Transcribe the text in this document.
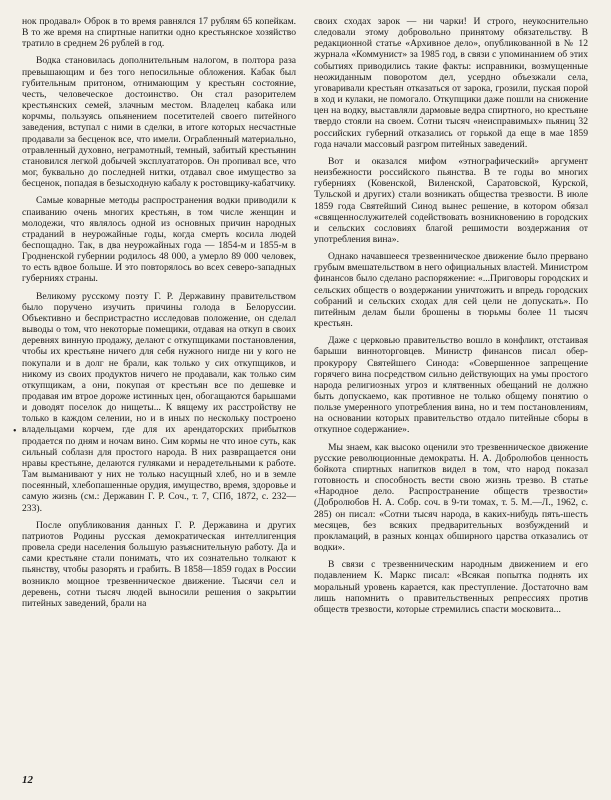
нок продавал» Оброк в то время равнялся 17 рублям 65 копейкам. В то же время на спиртные напитки одно крестьянское хозяйство тратило в среднем 26 рублей в год.

Водка становилась дополнительным налогом, в полтора раза превышающим и без того непосильные обложения. Кабак был губительным притоном, отнимающим у крестьян состояние, честь, человеческое достоинство. Он стал разорителем крестьянских семей, злачным местом. Владелец кабака или корчмы, пользуясь опьянением посетителей своего питейного заведения, вступал с ними в сделки, в итоге которых несчастные продавали за бесценок все, что имели. Ограбленный материально, отравленный духовно, неграмотный, темный, забитый крестьянин становился легкой добычей эксплуататоров. Он пропивал все, что мог, буквально до последней нитки, отдавал свое имущество за бесценок, попадая в безысходную кабалу к ростовщику-кабатчику.

Самые коварные методы распространения водки приводили к спаиванию очень многих крестьян, в том числе женщин и молодежи, что являлось одной из основных причин народных страданий в неурожайные годы, когда смерть косила людей беспощадно. Так, в два неурожайных года — 1854-м и 1855-м в Гродненской губернии родилось 48 000, а умерло 89 000 человек, то есть вдвое больше. И это повторялось во всех северо-западных губерниях страны.

Великому русскому поэту Г. Р. Державину правительством было поручено изучить причины голода в Белоруссии. Объективно и беспристрастно исследовав положение, он сделал выводы о том, что некоторые помещики, отдавая на откуп в своих деревнях винную продажу, делают с откупщиками постановления, чтобы их крестьяне ничего для себя нужного нигде ни у кого не покупали и в долг не брали, как только у сих откупщиков, и никому из своих продуктов ничего не продавали, как только сим откупщикам, а они, покупая от крестьян все по дешевке и продавая им втрое дороже истинных цен, обогащаются барышами и доводят поселок до нищеты... К вящему их расстройству не только в каждом селении, но и в иных по нескольку построено владельцами корчем, где для их арендаторских прибытков продается по дням и ночам вино. Сим кормы не что иное суть, как сильный соблазн для простого народа. В них развращается они нравы крестьяне, делаются гуляками и нерадетельными к работе. Там выманивают у них не только насущный хлеб, но и в земле посеянный, хлебопашенные орудия, имущество, время, здоровье и самую жизнь (см.: Державин Г. Р. Соч., т. 7, СПб, 1872, с. 232—233).

После опубликования данных Г. Р. Державина и других патриотов Родины русская демократическая интеллигенция провела среди населения большую разъяснительную работу. Да и сами крестьяне стали понимать, что их сознательно толкают к пьянству, чтобы разорять и грабить. В 1858—1859 годах в России возникло мощное трезвенническое движение. Тысячи сел и деревень, сотни тысяч людей выносили решения о закрытии питейных заведений, брали на

•

своих сходах зарок — ни чарки! И строго, неукоснительно следовали этому добровольно принятому обязательству. В редакционной статье «Архивное дело», опубликованной в № 12 журнала «Коммунист» за 1985 год, в связи с упоминанием об этих событиях приводились такие факты: исправники, возмущенные неожиданным поворотом дел, усердно объезжали села, уговаривали крестьян отказаться от зарока, грозили, пуская порой в ход и кулаки, не помогало. Откупщики даже пошли на снижение цен на водку, выставляли дармовые ведра спиртного, но крестьяне твердо стояли на своем. Сотни тысяч «неисправимых» пьяниц 32 российских губерний отказались от горькой да еще в мае 1859 года начали массовый разгром питейных заведений.

Вот и оказался мифом «этнографический» аргумент неизбежности российского пьянства. В те годы во многих губерниях (Ковенской, Виленской, Саратовской, Курской, Тульской и других) стали возникать общества трезвости. В июле 1859 года Святейший Синод вынес решение, в котором обязал «священнослужителей содействовать возникновению в городских и сельских сословиях благой решимости воздержания от употребления вина».

Однако начавшееся трезвенническое движение было прервано грубым вмешательством в него официальных властей. Министром финансов было сделано распоряжение: «...Приговоры городских и сельских обществ о воздержании уничтожить и впредь городских собраний и сельских сходах для сей цели не допускать». По питейным делам были брошены в тюрьмы более 11 тысяч крестьян.

Даже с церковью правительство вошло в конфликт, отстаивая барыши винноторговцев. Министр финансов писал обер-прокурору Святейшего Синода: «Совершенное запрещение горячего вина посредством сильно действующих на умы простого народа религиозных угроз и клятвенных обещаний не должно быть допускаемо, как противное не только общему понятию о пользе умеренного употребления вина, но и тем постановлениям, на основании которых правительство отдало питейные сборы в откупное содержание».

Мы знаем, как высоко оценили это трезвенническое движение русские революционные демократы. Н. А. Добролюбов ценность бойкота спиртных напитков видел в том, что народ показал готовность и способность вести свою жизнь трезво. В статье «Народное дело. Распространение обществ трезвости» (Добролюбов Н. А. Собр. соч. в 9-ти томах, т. 5. М.—Л., 1962, с. 285) он писал: «Сотни тысяч народа, в каких-нибудь пять-шесть месяцев, без всяких предварительных возбуждений и прокламаций, в разных концах обширного царства отказались от водки».

В связи с трезвенническим народным движением и его подавлением К. Маркс писал: «Всякая попытка поднять их моральный уровень карается, как преступление. Достаточно вам лишь напомнить о правительственных репрессиях против обществ трезвости, которые стремились спасти московита...

12
